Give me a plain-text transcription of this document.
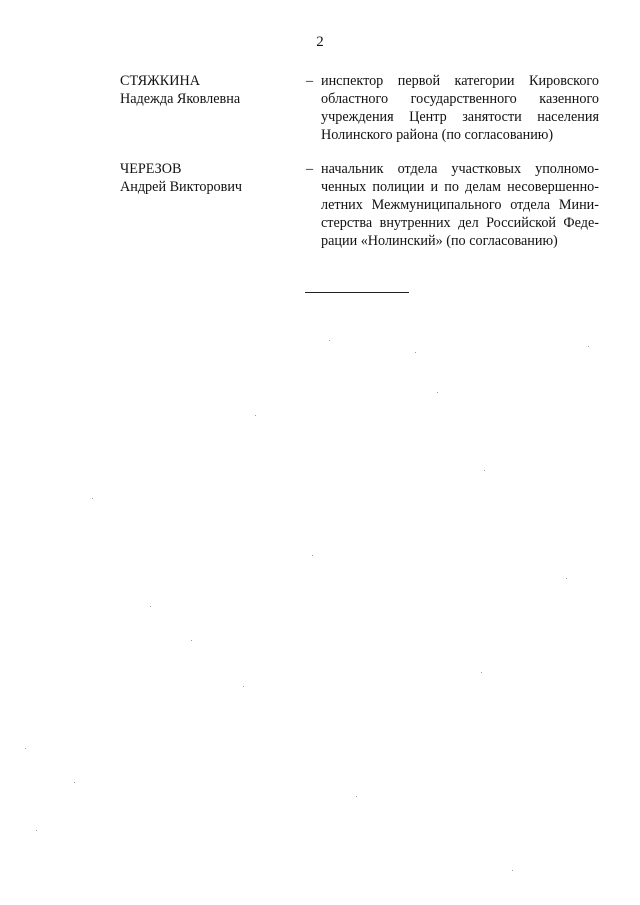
2
СТЯЖКИНА
Надежда Яковлевна
– инспектор первой категории Кировского
областного государственного казенного
учреждения Центр занятости населения
Нолинского района (по согласованию)
ЧЕРЕЗОВ
Андрей Викторович
– начальник отдела участковых уполномо-
ченных полиции и по делам несовершенно-
летних Межмуниципального отдела Мини-
стерства внутренних дел Российской Феде-
рации «Нолинский» (по согласованию)
